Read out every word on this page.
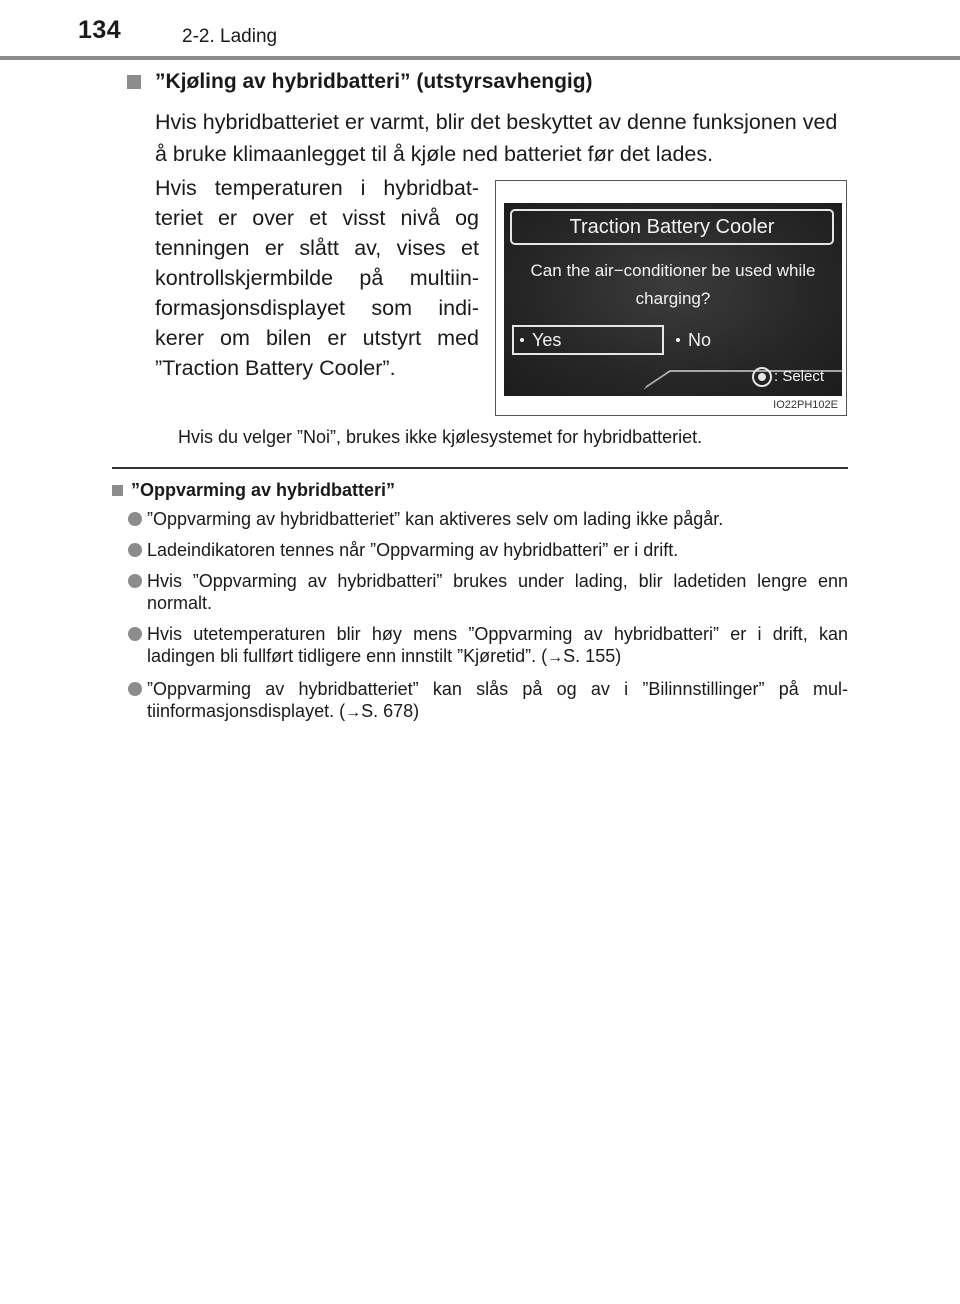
134	2-2. Lading
”Kjøling av hybridbatteri” (utstyrsavhengig)
Hvis hybridbatteriet er varmt, blir det beskyttet av denne funksjonen ved å bruke klimaanlegget til å kjøle ned batteriet før det lades.
Hvis temperaturen i hybridbatteriet er over et visst nivå og tenningen er slått av, vises et kontrollskjermbilde på multiinformasjonsdisplayet som indikerer om bilen er utstyrt med ”Traction Battery Cooler”.
Traction Battery Cooler
Can the air−conditioner be used while charging?
Yes	No
: Select
IO22PH102E
Hvis du velger ”Noi”, brukes ikke kjølesystemet for hybridbatteriet.
”Oppvarming av hybridbatteri”
”Oppvarming av hybridbatteriet” kan aktiveres selv om lading ikke pågår.
Ladeindikatoren tennes når ”Oppvarming av hybridbatteri” er i drift.
Hvis ”Oppvarming av hybridbatteri” brukes under lading, blir ladetiden lengre enn normalt.
Hvis utetemperaturen blir høy mens ”Oppvarming av hybridbatteri” er i drift, kan ladingen bli fullført tidligere enn innstilt ”Kjøretid”. (→S. 155)
”Oppvarming av hybridbatteriet” kan slås på og av i ”Bilinnstillinger” på multiinformasjonsdisplayet. (→S. 678)
